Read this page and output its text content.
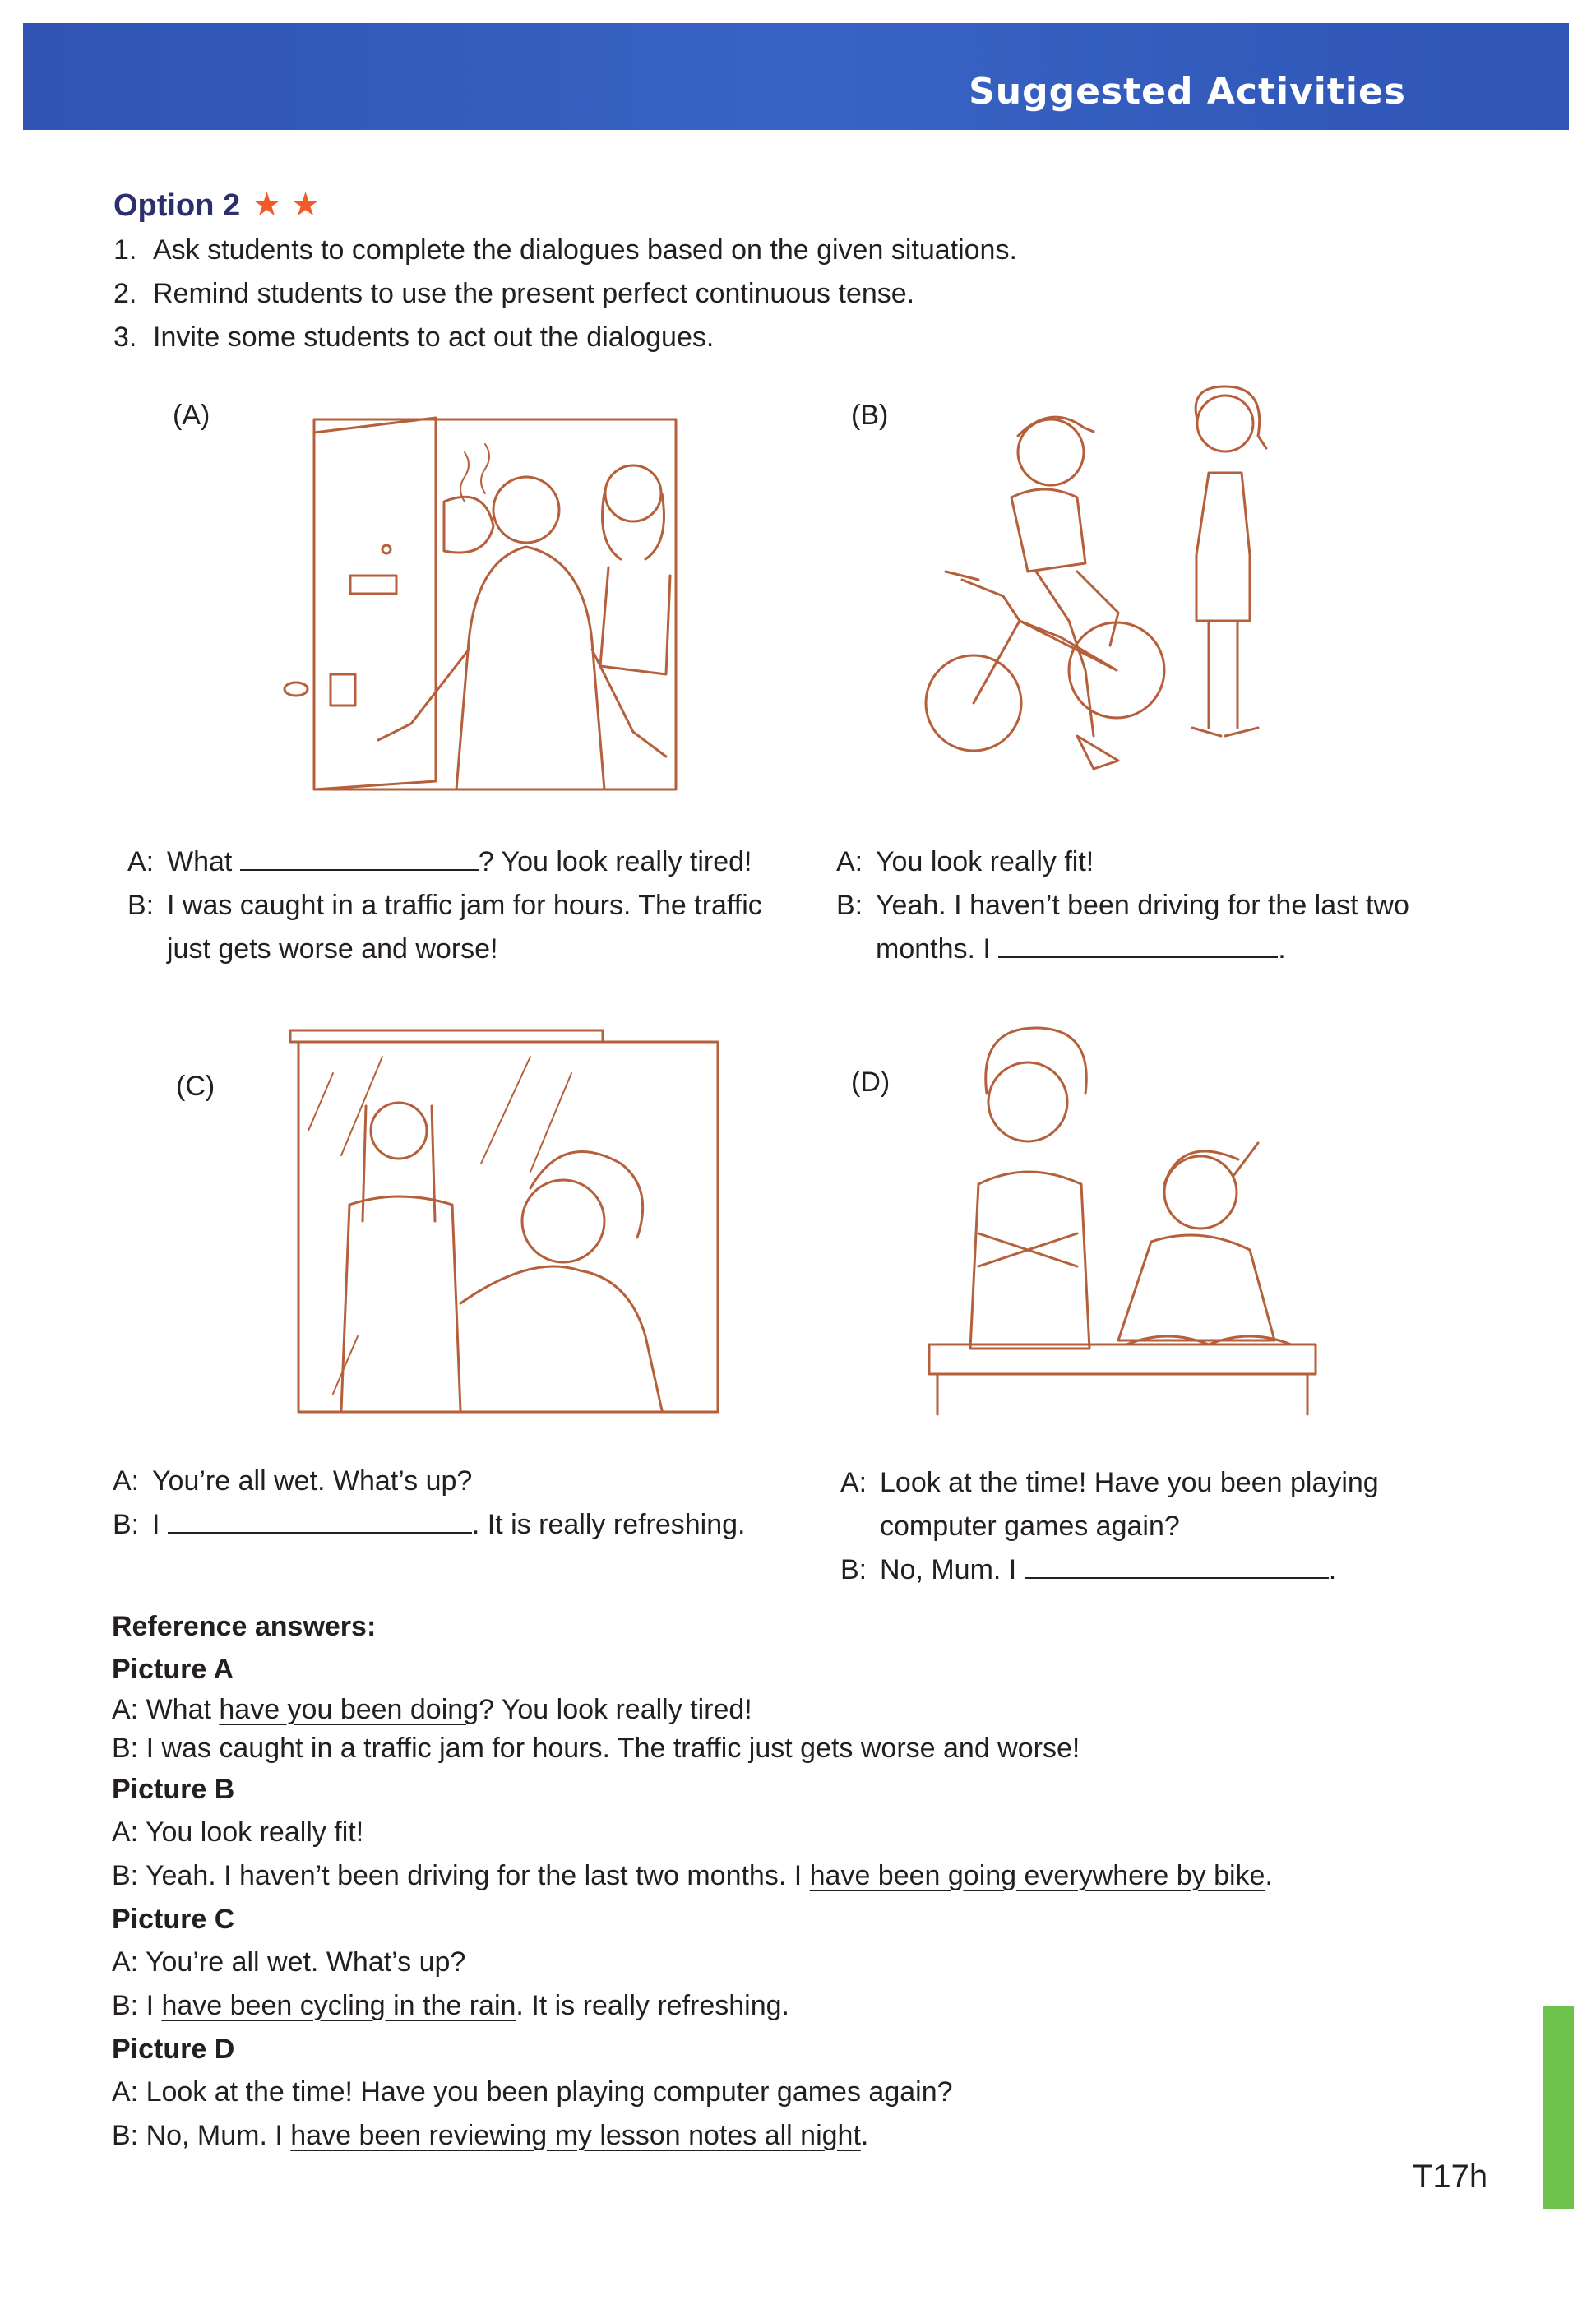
Suggested Activities
Option 2 ★ ★
1. Ask students to complete the dialogues based on the given situations.
2. Remind students to use the present perfect continuous tense.
3. Invite some students to act out the dialogues.
(A)
A: What	? You look really tired!
B: I was caught in a traffic jam for hours. The traffic
just gets worse and worse!
(B)
A: You look really fit!
B: Yeah. I haven’t been driving for the last two
months. I	.
(C)
A: You’re all wet. What’s up?
B: I	. It is really refreshing.
(D)
A: Look at the time! Have you been playing
computer games again?
B: No, Mum. I	.
Reference answers:
Picture A
A: What have you been doing? You look really tired!
B: I was caught in a traffic jam for hours. The traffic just gets worse and worse!
Picture B
A: You look really fit!
B: Yeah. I haven’t been driving for the last two months. I have been going everywhere by bike.
Picture C
A: You’re all wet. What’s up?
B: I have been cycling in the rain. It is really refreshing.
Picture D
A: Look at the time! Have you been playing computer games again?
B: No, Mum. I have been reviewing my lesson notes all night.
T17h
